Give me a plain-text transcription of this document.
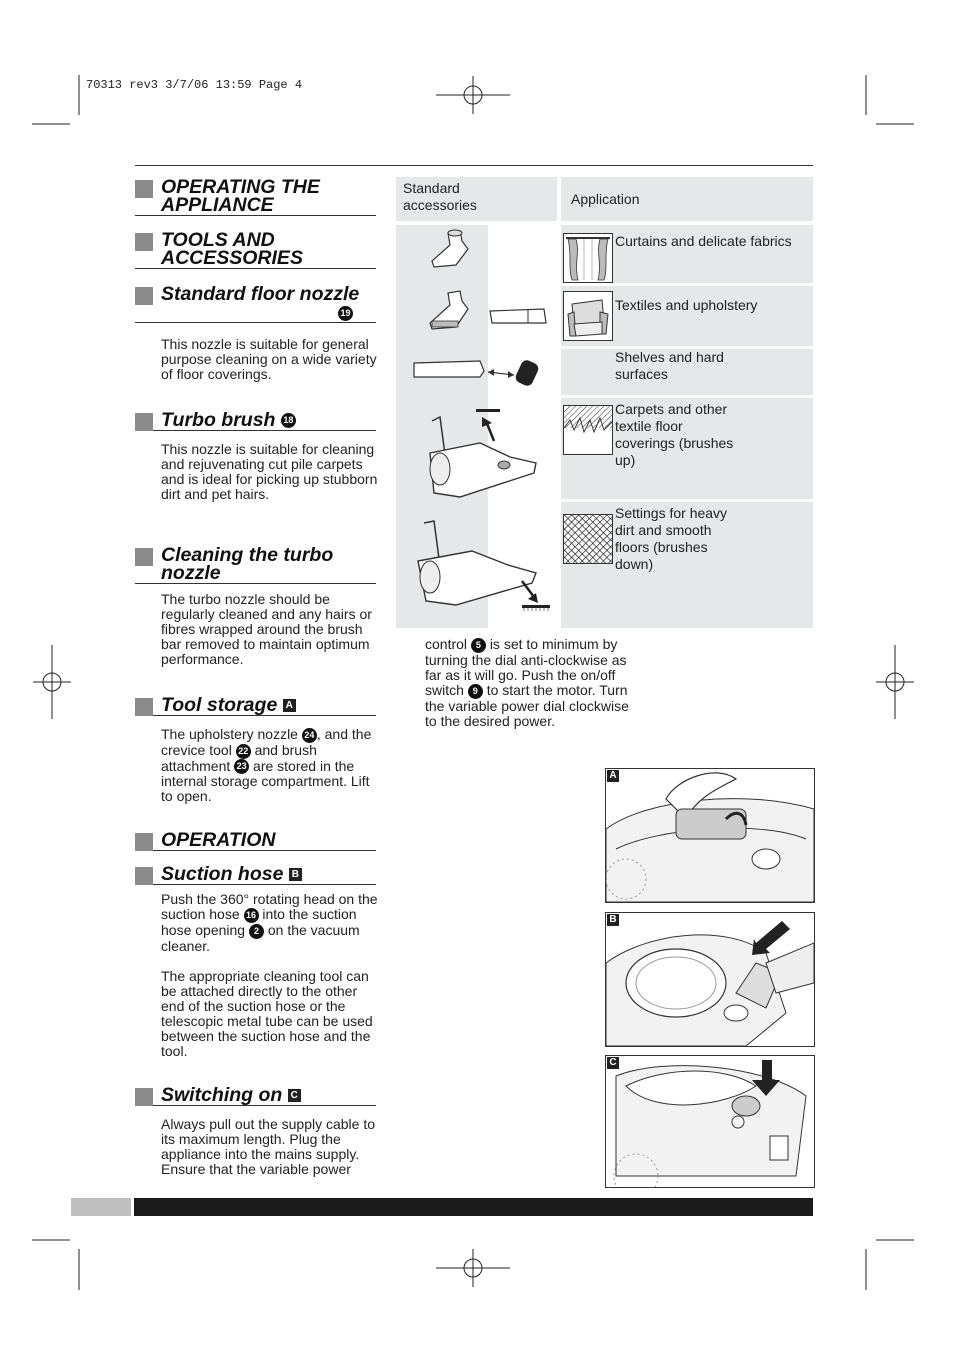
70313 rev3 3/7/06 13:59 Page 4
OPERATING THE APPLIANCE
TOOLS AND ACCESSORIES
Standard floor nozzle
19
This nozzle is suitable for general purpose cleaning on a wide variety of floor coverings.
Turbo brush 18
This nozzle is suitable for cleaning and rejuvenating cut pile carpets and is ideal for picking up stubborn dirt and pet hairs.
Cleaning the turbo nozzle
The turbo nozzle should be regularly cleaned and any hairs or fibres wrapped around the brush bar removed to maintain optimum performance.
Tool storage A
The upholstery nozzle 24 , and the crevice tool 22 and brush attachment 23 are stored in the internal storage compartment. Lift to open.
OPERATION
Suction hose B

Push the 360° rotating head on the suction hose 16 into the suction hose opening 2 on the vacuum cleaner.

The appropriate cleaning tool can be attached directly to the other end of the suction hose or the telescopic metal tube can be used between the suction hose and the tool.

Switching on C
Always pull out the supply cable to its maximum length. Plug the appliance into the mains supply. Ensure that the variable power
Standard accessories	Application
Curtains and delicate fabrics
Textiles and upholstery
Shelves and hard surfaces
Carpets and other textile floor coverings (brushes up)
Settings for heavy dirt and smooth floors (brushes down)
control 5 is set to minimum by turning the dial anti-clockwise as far as it will go. Push the on/off switch 9 to start the motor. Turn the variable power dial clockwise to the desired power.
A
B
C
